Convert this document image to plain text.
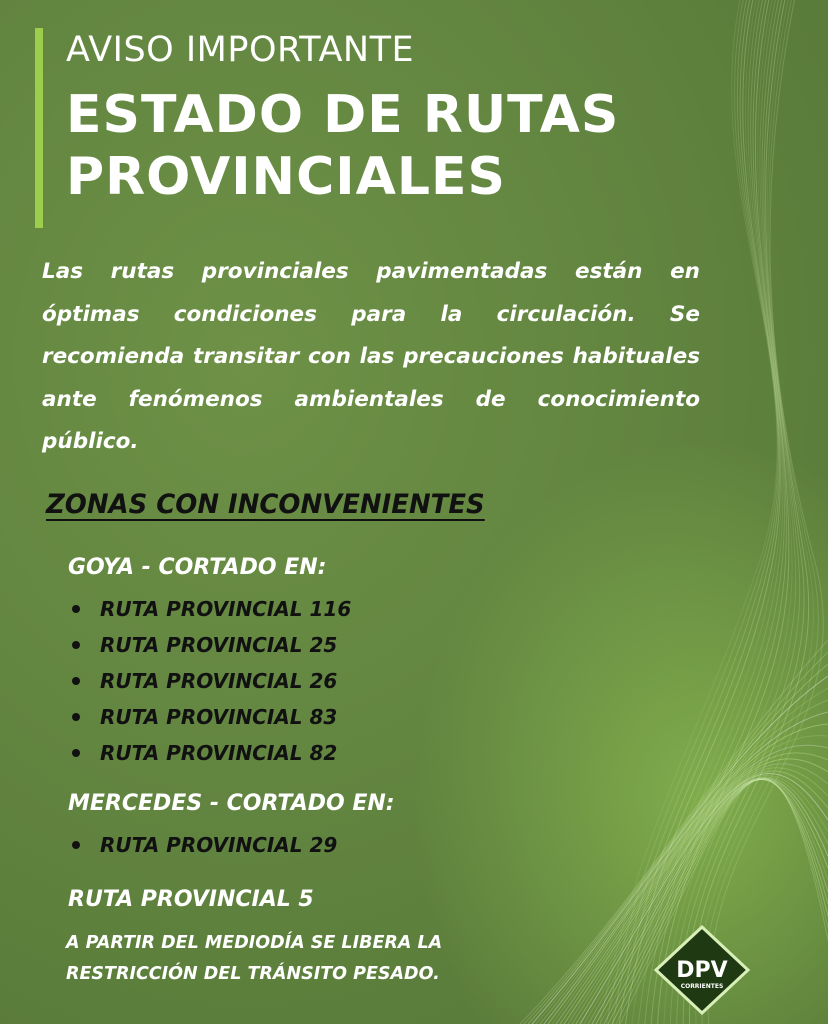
AVISO IMPORTANTE
ESTADO DE RUTAS
PROVINCIALES

Las rutas provinciales pavimentadas están en óptimas condiciones para la circulación. Se recomienda transitar con las precauciones habituales ante fenómenos ambientales de conocimiento público.

ZONAS CON INCONVENIENTES
GOYA - CORTADO EN:
RUTA PROVINCIAL 116
RUTA PROVINCIAL 25
RUTA PROVINCIAL 26
RUTA PROVINCIAL 83
RUTA PROVINCIAL 82
MERCEDES - CORTADO EN:
RUTA PROVINCIAL 29
RUTA PROVINCIAL 5

A PARTIR DEL MEDIODÍA SE LIBERA LA
RESTRICCIÓN DEL TRÁNSITO PESADO.	DPV
CORRIENTES
